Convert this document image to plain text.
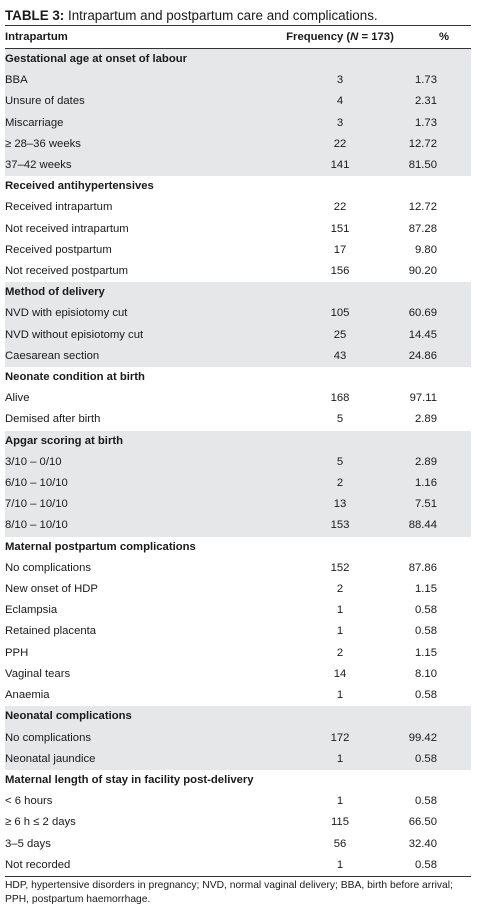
TABLE 3: Intrapartum and postpartum care and complications.
Intrapartum	Frequency (N = 173)	%
Gestational age at onset of labour		
BBA	3	1.73
Unsure of dates	4	2.31
Miscarriage	3	1.73
≥ 28–36 weeks	22	12.72
37–42 weeks	141	81.50
Received antihypertensives		
Received intrapartum	22	12.72
Not received intrapartum	151	87.28
Received postpartum	17	9.80
Not received postpartum	156	90.20
Method of delivery		
NVD with episiotomy cut	105	60.69
NVD without episiotomy cut	25	14.45
Caesarean section	43	24.86
Neonate condition at birth		
Alive	168	97.11
Demised after birth	5	2.89
Apgar scoring at birth		
3/10 – 0/10	5	2.89
6/10 – 10/10	2	1.16
7/10 – 10/10	13	7.51
8/10 – 10/10	153	88.44
Maternal postpartum complications		
No complications	152	87.86
New onset of HDP	2	1.15
Eclampsia	1	0.58
Retained placenta	1	0.58
PPH	2	1.15
Vaginal tears	14	8.10
Anaemia	1	0.58
Neonatal complications		
No complications	172	99.42
Neonatal jaundice	1	0.58
Maternal length of stay in facility post-delivery		
< 6 hours	1	0.58
≥ 6 h ≤ 2 days	115	66.50
3–5 days	56	32.40
Not recorded	1	0.58
HDP, hypertensive disorders in pregnancy; NVD, normal vaginal delivery; BBA, birth before arrival; PPH, postpartum haemorrhage.
